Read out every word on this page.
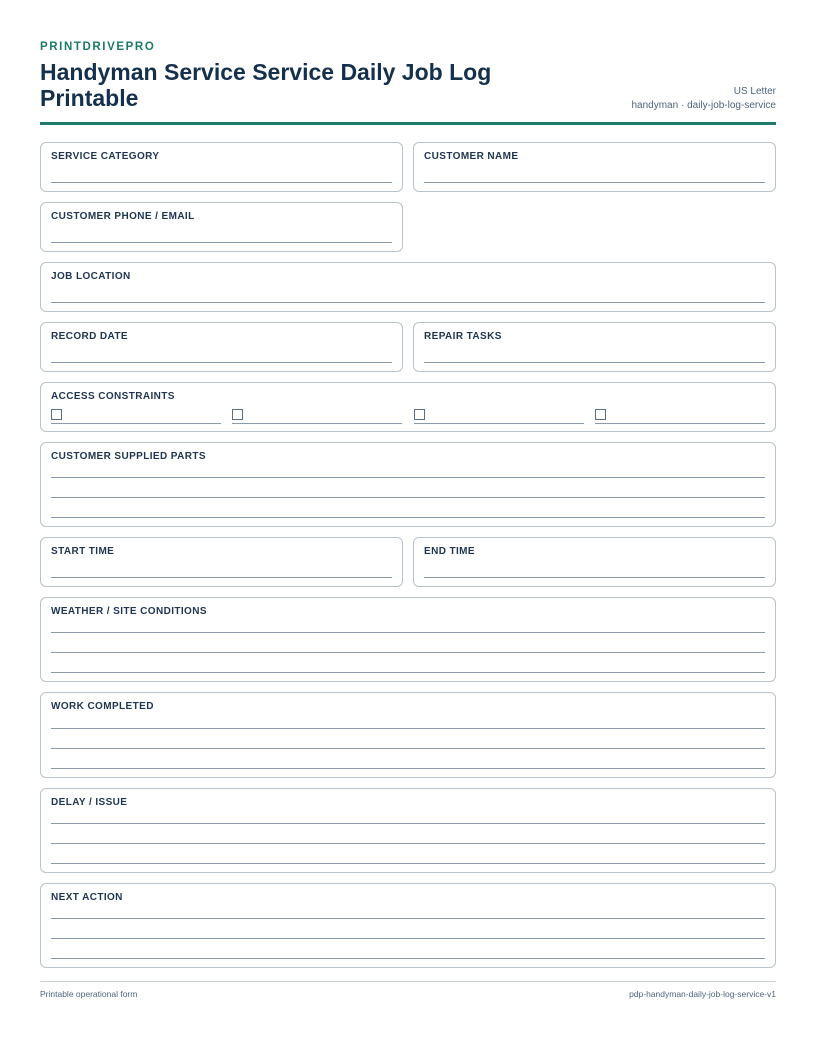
PRINTDRIVEPRO
Handyman Service Service Daily Job Log Printable	US Letter
handyman · daily-job-log-service
SERVICE CATEGORY	CUSTOMER NAME
CUSTOMER PHONE / EMAIL
JOB LOCATION
RECORD DATE	REPAIR TASKS
ACCESS CONSTRAINTS
CUSTOMER SUPPLIED PARTS
START TIME	END TIME
WEATHER / SITE CONDITIONS
WORK COMPLETED
DELAY / ISSUE
NEXT ACTION
Printable operational form	pdp-handyman-daily-job-log-service-v1
